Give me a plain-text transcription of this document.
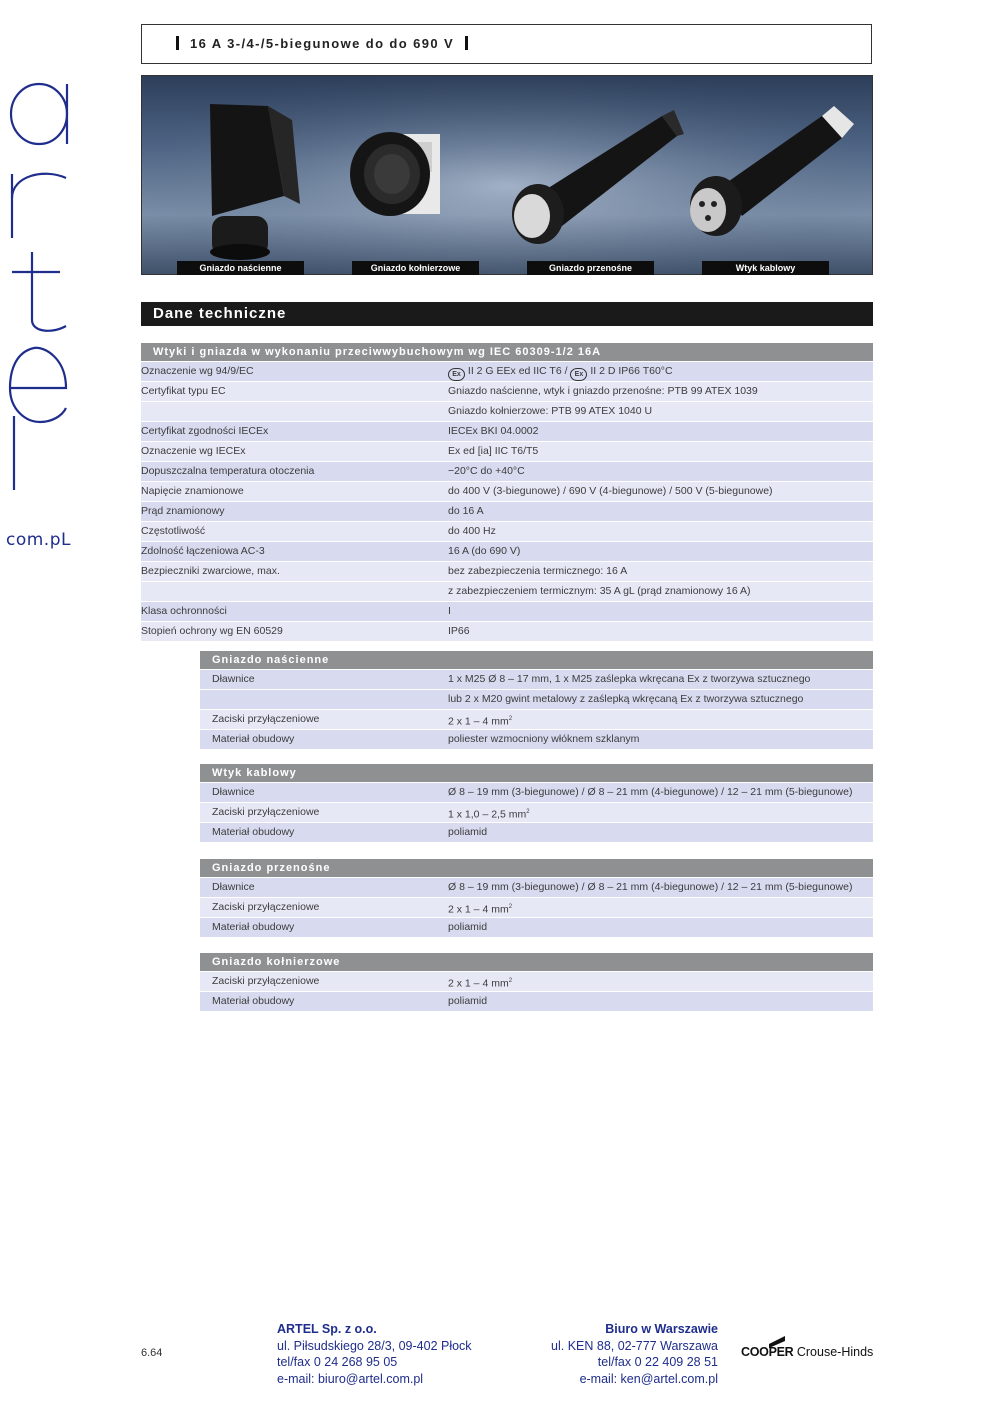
com.pL
16 A 3-/4-/5-biegunowe do do 690 V
Gniazdo naścienne	Gniazdo kołnierzowe	Gniazdo przenośne	Wtyk kablowy
Dane techniczne
Wtyki i gniazda w wykonaniu przeciwwybuchowym wg IEC 60309-1/2 16A
Oznaczenie wg 94/9/EC	Ex II 2 G EEx ed IIC T6 / Ex II 2 D IP66 T60°C
Certyfikat typu EC	Gniazdo naścienne, wtyk i gniazdo przenośne: PTB 99 ATEX 1039
Gniazdo kołnierzowe: PTB 99 ATEX 1040 U
Certyfikat zgodności IECEx	IECEx BKI 04.0002
Oznaczenie wg IECEx	Ex ed [ia] IIC T6/T5
Dopuszczalna temperatura otoczenia	−20°C do +40°C
Napięcie znamionowe	do 400 V (3-biegunowe) / 690 V (4-biegunowe) / 500 V (5-biegunowe)
Prąd znamionowy	do 16 A
Częstotliwość	do 400 Hz
Zdolność łączeniowa AC-3	16 A (do 690 V)
Bezpieczniki zwarciowe, max.	bez zabezpieczenia termicznego: 16 A
z zabezpieczeniem termicznym: 35 A gL (prąd znamionowy 16 A)
Klasa ochronności	I
Stopień ochrony wg EN 60529	IP66
Gniazdo naścienne
Dławnice	1 x M25 Ø 8 – 17 mm, 1 x M25 zaślepka wkręcana Ex z tworzywa sztucznego
lub 2 x M20 gwint metalowy z zaślepką wkręcaną Ex z tworzywa sztucznego
Zaciski przyłączeniowe	2 x 1 – 4 $mm^2$
Materiał obudowy	poliester wzmocniony włóknem szklanym
Wtyk kablowy
Dławnice	Ø 8 – 19 mm (3-biegunowe) / Ø 8 – 21 mm (4-biegunowe) / 12 – 21 mm (5-biegunowe)
Zaciski przyłączeniowe	1 x 1,0 – 2,5 $mm^2$
Materiał obudowy	poliamid
Gniazdo przenośne
Dławnice	Ø 8 – 19 mm (3-biegunowe) / Ø 8 – 21 mm (4-biegunowe) / 12 – 21 mm (5-biegunowe)
Zaciski przyłączeniowe	2 x 1 – 4 $mm^2$
Materiał obudowy	poliamid
Gniazdo kołnierzowe
Zaciski przyłączeniowe	2 x 1 – 4 $mm^2$
Materiał obudowy	poliamid
6.64
ARTEL Sp. z o.o.
ul. Piłsudskiego 28/3, 09-402 Płock
tel/fax 0 24 268 95 05
e-mail: biuro@artel.com.pl
Biuro w Warszawie
ul. KEN 88, 02-777 Warszawa
tel/fax 0 22 409 28 51
e-mail: ken@artel.com.pl
COOPER Crouse-Hinds
